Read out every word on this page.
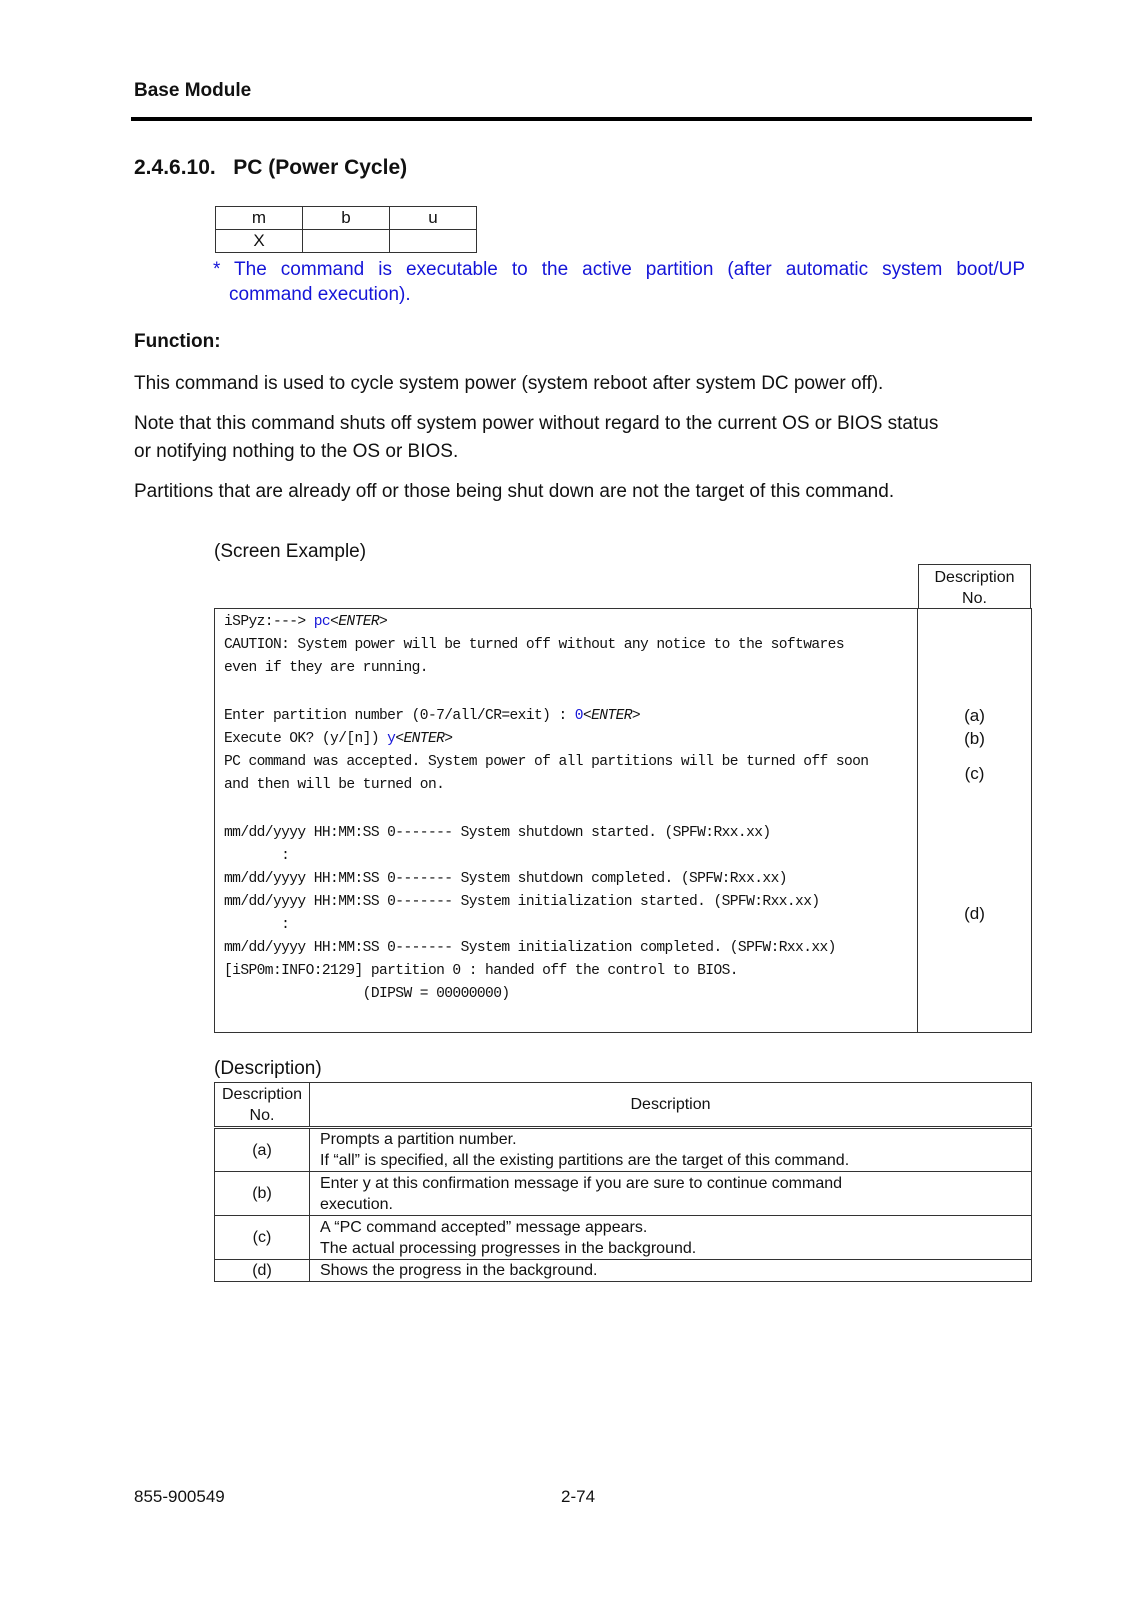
Base Module
2.4.6.10.   PC (Power Cycle)
m	b	u
X		
* The command is executable to the active partition (after automatic system boot/UP
command execution).
Function:
This command is used to cycle system power (system reboot after system DC power off).
Note that this command shuts off system power without regard to the current OS or BIOS status
or notifying nothing to the OS or BIOS.
Partitions that are already off or those being shut down are not the target of this command.
(Screen Example)
Description
No.
iSPyz:---> pc<ENTER>
CAUTION: System power will be turned off without any notice to the softwares
even if they are running.
Enter partition number (0-7/all/CR=exit) : 0<ENTER>
Execute OK? (y/[n]) y<ENTER>
PC command was accepted. System power of all partitions will be turned off soon
and then will be turned on.
mm/dd/yyyy HH:MM:SS 0------- System shutdown started. (SPFW:Rxx.xx)
:
mm/dd/yyyy HH:MM:SS 0------- System shutdown completed. (SPFW:Rxx.xx)
mm/dd/yyyy HH:MM:SS 0------- System initialization started. (SPFW:Rxx.xx)
:
mm/dd/yyyy HH:MM:SS 0------- System initialization completed. (SPFW:Rxx.xx)
[iSP0m:INFO:2129] partition 0 : handed off the control to BIOS.
(DIPSW = 00000000)
(a)
(b)
(c)
(d)
(Description)
Description
No.	Description
(a)	Prompts a partition number.
If “all” is specified, all the existing partitions are the target of this command.

(b)	Enter y at this confirmation message if you are sure to continue command
execution.

(c)	A “PC command accepted” message appears.
The actual processing progresses in the background.

(d)	Shows the progress in the background.
855-900549	2-74
